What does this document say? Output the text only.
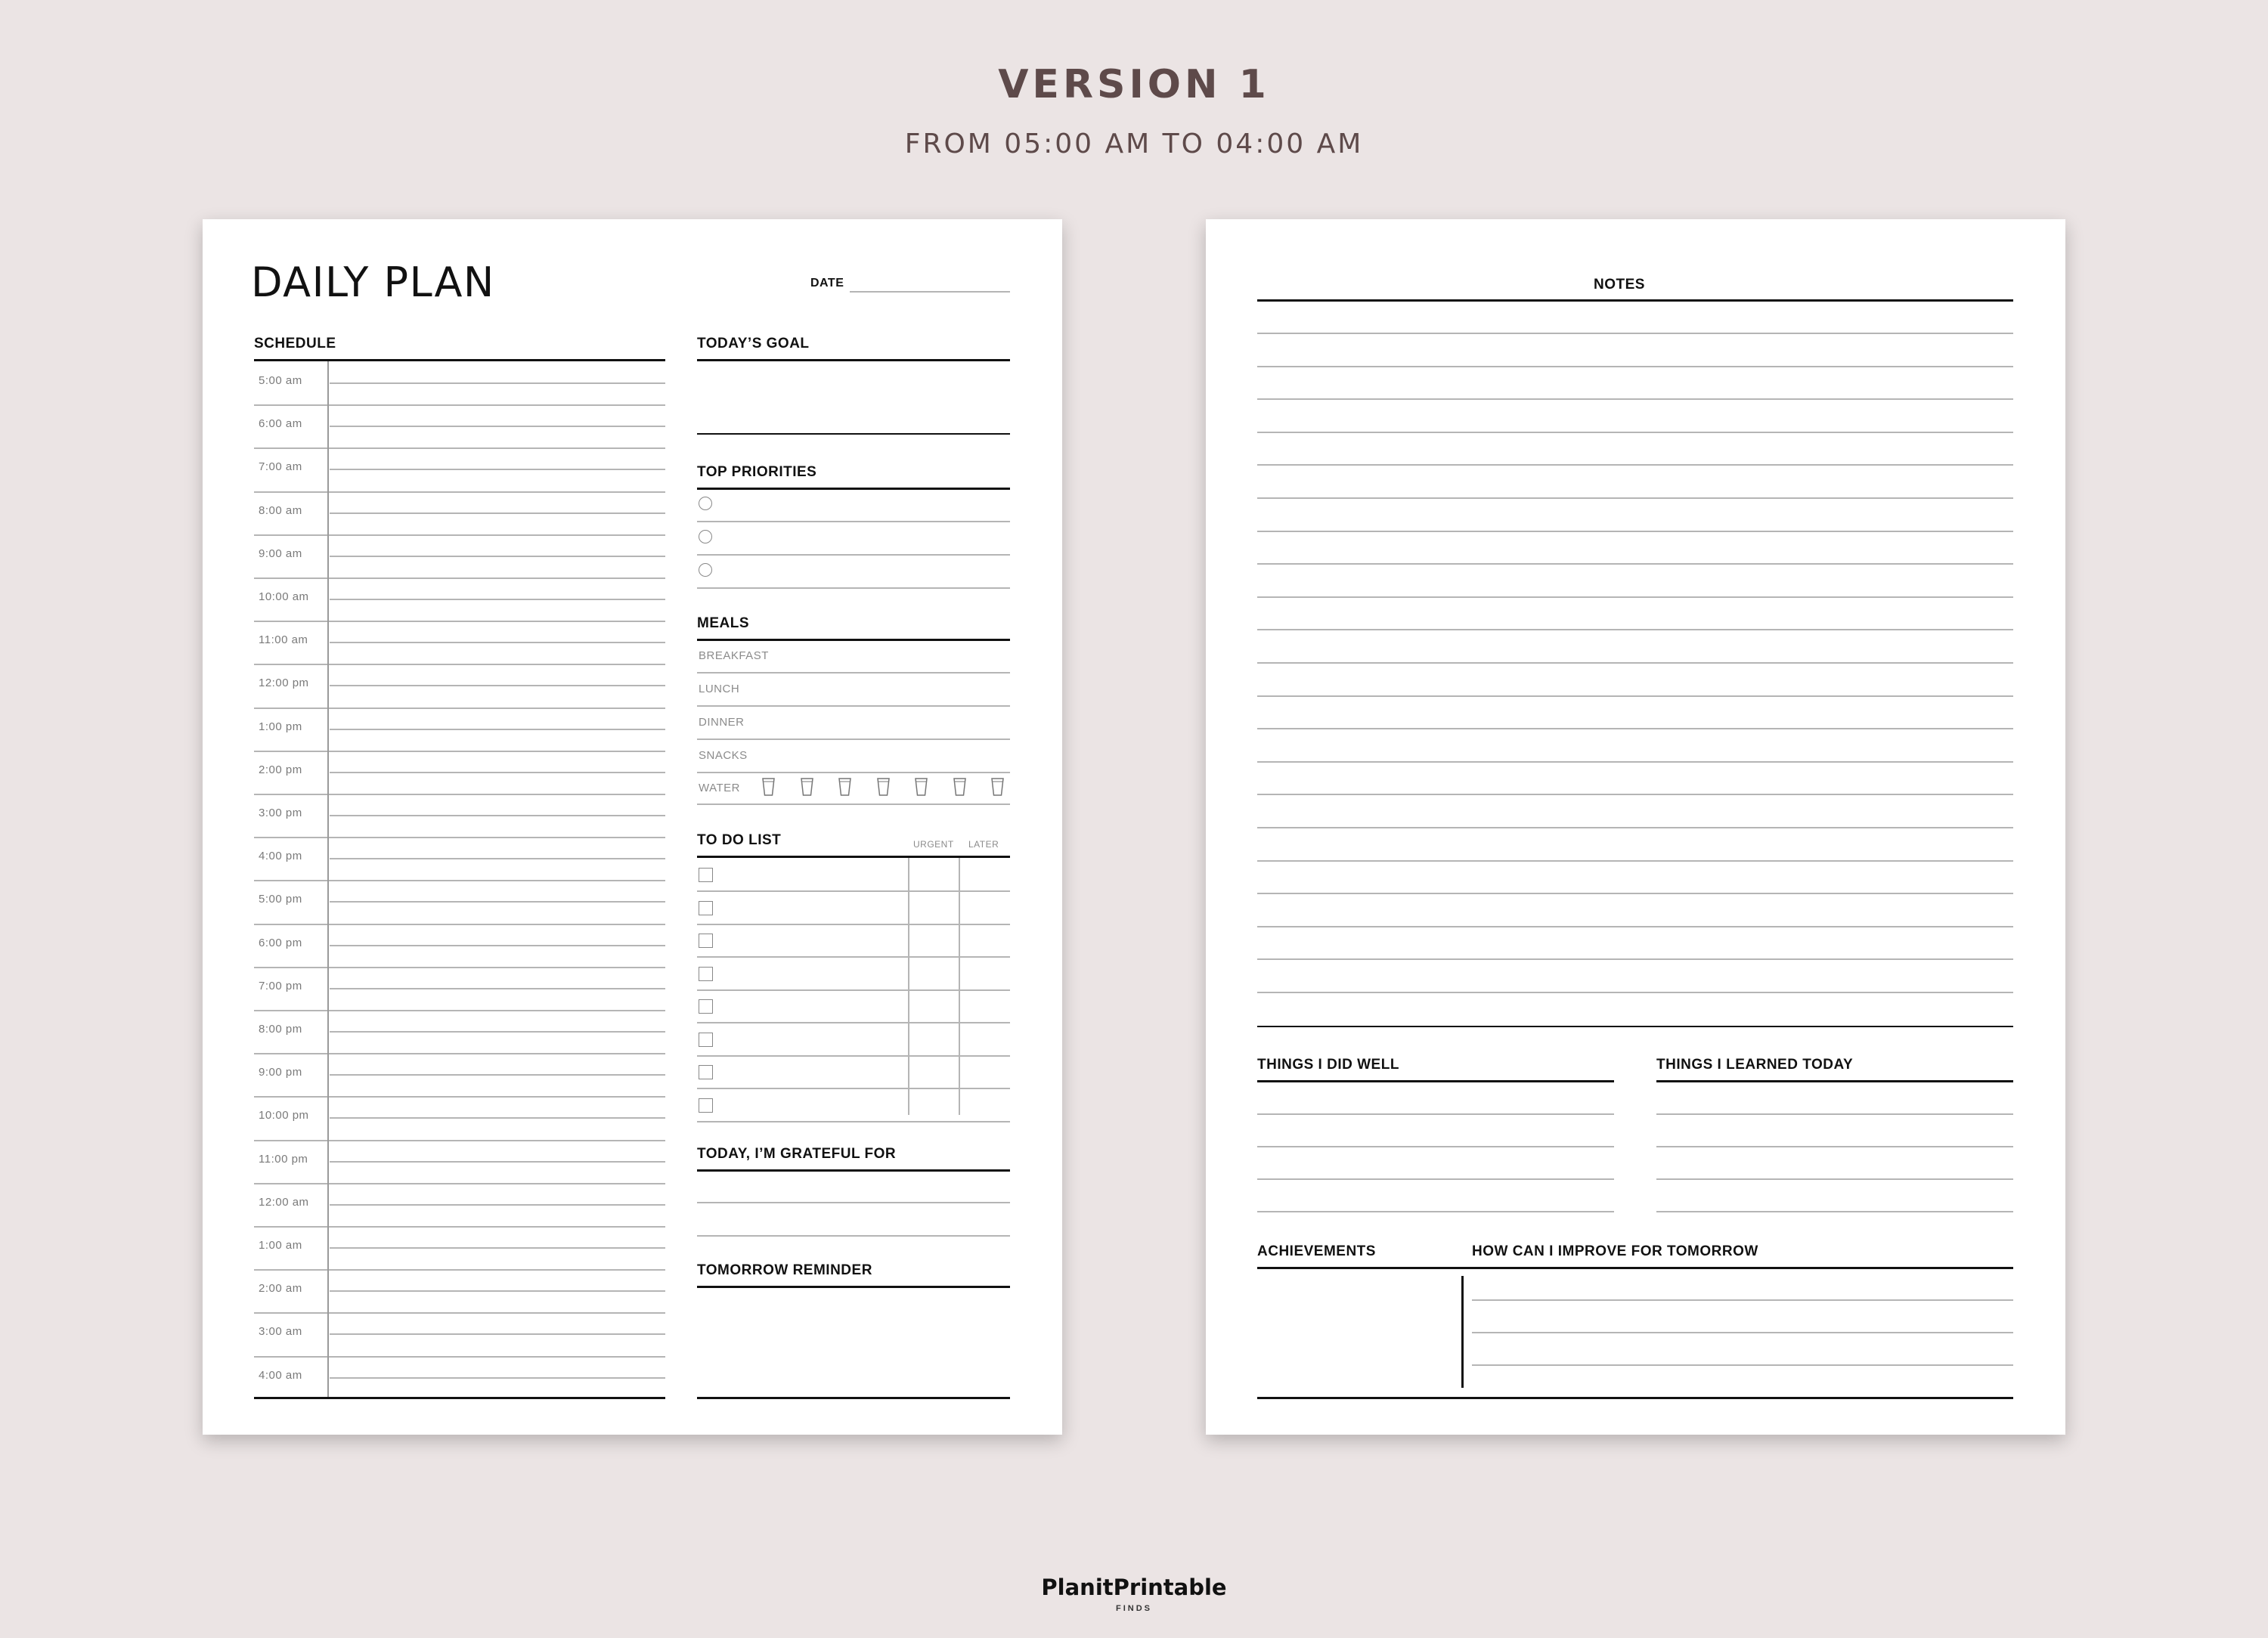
VERSION 1
FROM 05:00 AM TO 04:00 AM
DAILY PLAN	DATE
SCHEDULE
5:00 am
6:00 am
7:00 am
8:00 am
9:00 am
10:00 am
11:00 am
12:00 pm
1:00 pm
2:00 pm
3:00 pm
4:00 pm
5:00 pm
6:00 pm
7:00 pm
8:00 pm
9:00 pm
10:00 pm
11:00 pm
12:00 am
1:00 am
2:00 am
3:00 am
4:00 am
TODAY’S GOAL
TOP PRIORITIES
MEALS
BREAKFAST
LUNCH
DINNER
SNACKS
WATER
TO DO LIST	URGENT LATER
TODAY, I’M GRATEFUL FOR
TOMORROW REMINDER
NOTES
THINGS I DID WELL	THINGS I LEARNED TODAY
ACHIEVEMENTS	HOW CAN I IMPROVE FOR TOMORROW
PlanitPrintable
FINDS
